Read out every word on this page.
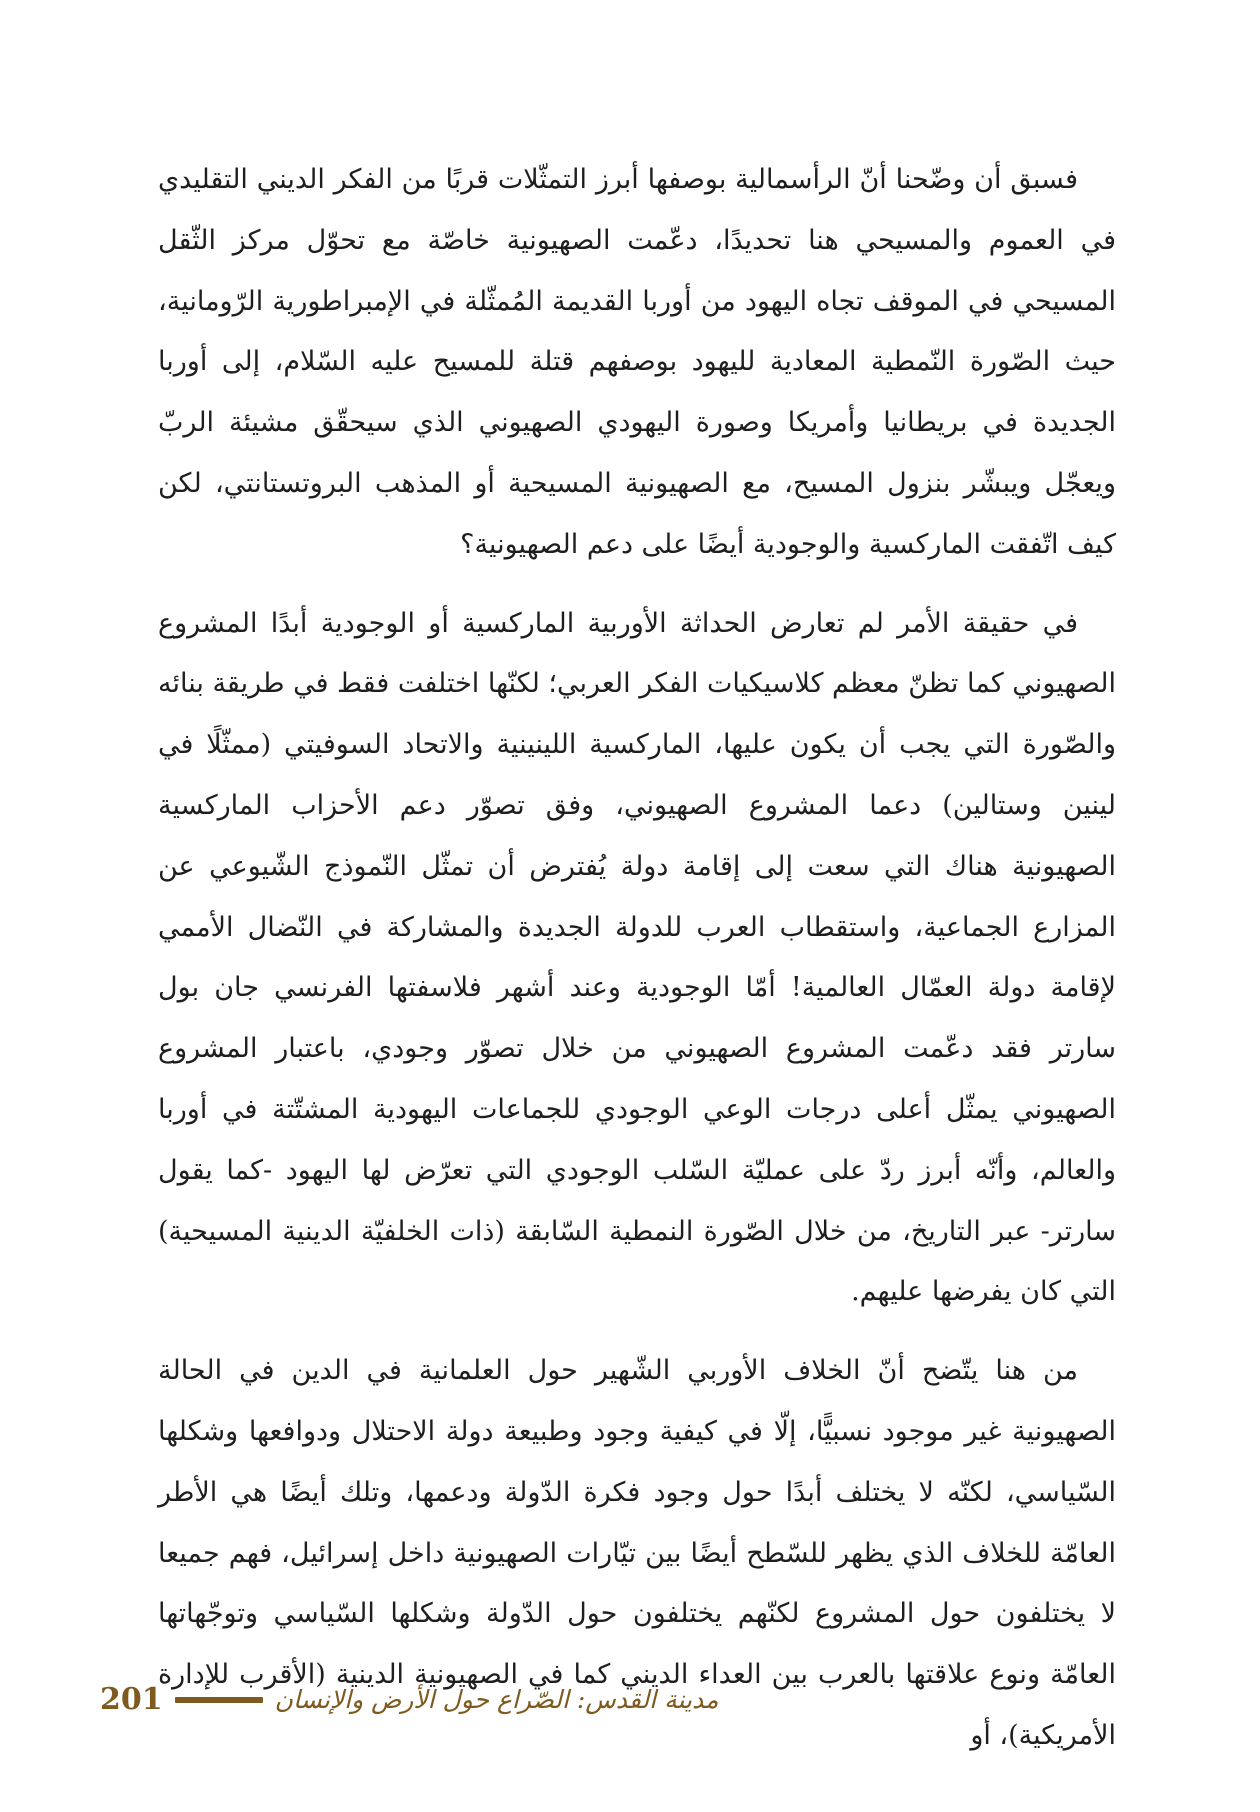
فسبق أن وضّحنا أنّ الرأسمالية بوصفها أبرز التمثّلات قربًا من الفكر الديني التقليدي في العموم والمسيحي هنا تحديدًا، دعّمت الصهيونية خاصّة مع تحوّل مركز الثّقل المسيحي في الموقف تجاه اليهود من أوربا القديمة المُمثّلة في الإمبراطورية الرّومانية، حيث الصّورة النّمطية المعادية لليهود بوصفهم قتلة للمسيح عليه السّلام، إلى أوربا الجديدة في بريطانيا وأمريكا وصورة اليهودي الصهيوني الذي سيحقّق مشيئة الربّ ويعجّل ويبشّر بنزول المسيح، مع الصهيونية المسيحية أو المذهب البروتستانتي، لكن كيف اتّفقت الماركسية والوجودية أيضًا على دعم الصهيونية؟

في حقيقة الأمر لم تعارض الحداثة الأوربية الماركسية أو الوجودية أبدًا المشروع الصهيوني كما تظنّ معظم كلاسيكيات الفكر العربي؛ لكنّها اختلفت فقط في طريقة بنائه والصّورة التي يجب أن يكون عليها، الماركسية اللينينية والاتحاد السوفيتي (ممثّلًا في لينين وستالين) دعما المشروع الصهيوني، وفق تصوّر دعم الأحزاب الماركسية الصهيونية هناك التي سعت إلى إقامة دولة يُفترض أن تمثّل النّموذج الشّيوعي عن المزارع الجماعية، واستقطاب العرب للدولة الجديدة والمشاركة في النّضال الأممي لإقامة دولة العمّال العالمية! أمّا الوجودية وعند أشهر فلاسفتها الفرنسي جان بول سارتر فقد دعّمت المشروع الصهيوني من خلال تصوّر وجودي، باعتبار المشروع الصهيوني يمثّل أعلى درجات الوعي الوجودي للجماعات اليهودية المشتّتة في أوربا والعالم، وأنّه أبرز ردّ على عمليّة السّلب الوجودي التي تعرّض لها اليهود -كما يقول سارتر- عبر التاريخ، من خلال الصّورة النمطية السّابقة (ذات الخلفيّة الدينية المسيحية) التي كان يفرضها عليهم.

من هنا يتّضح أنّ الخلاف الأوربي الشّهير حول العلمانية في الدين في الحالة الصهيونية غير موجود نسبيًّا، إلّا في كيفية وجود وطبيعة دولة الاحتلال ودوافعها وشكلها السّياسي، لكنّه لا يختلف أبدًا حول وجود فكرة الدّولة ودعمها، وتلك أيضًا هي الأطر العامّة للخلاف الذي يظهر للسّطح أيضًا بين تيّارات الصهيونية داخل إسرائيل، فهم جميعا لا يختلفون حول المشروع لكنّهم يختلفون حول الدّولة وشكلها السّياسي وتوجّهاتها العامّة ونوع علاقتها بالعرب بين العداء الديني كما في الصهيونية الدينية (الأقرب للإدارة الأمريكية)، أو

201	مدينة القدس: الصّراع حول الأرض والإنسان
